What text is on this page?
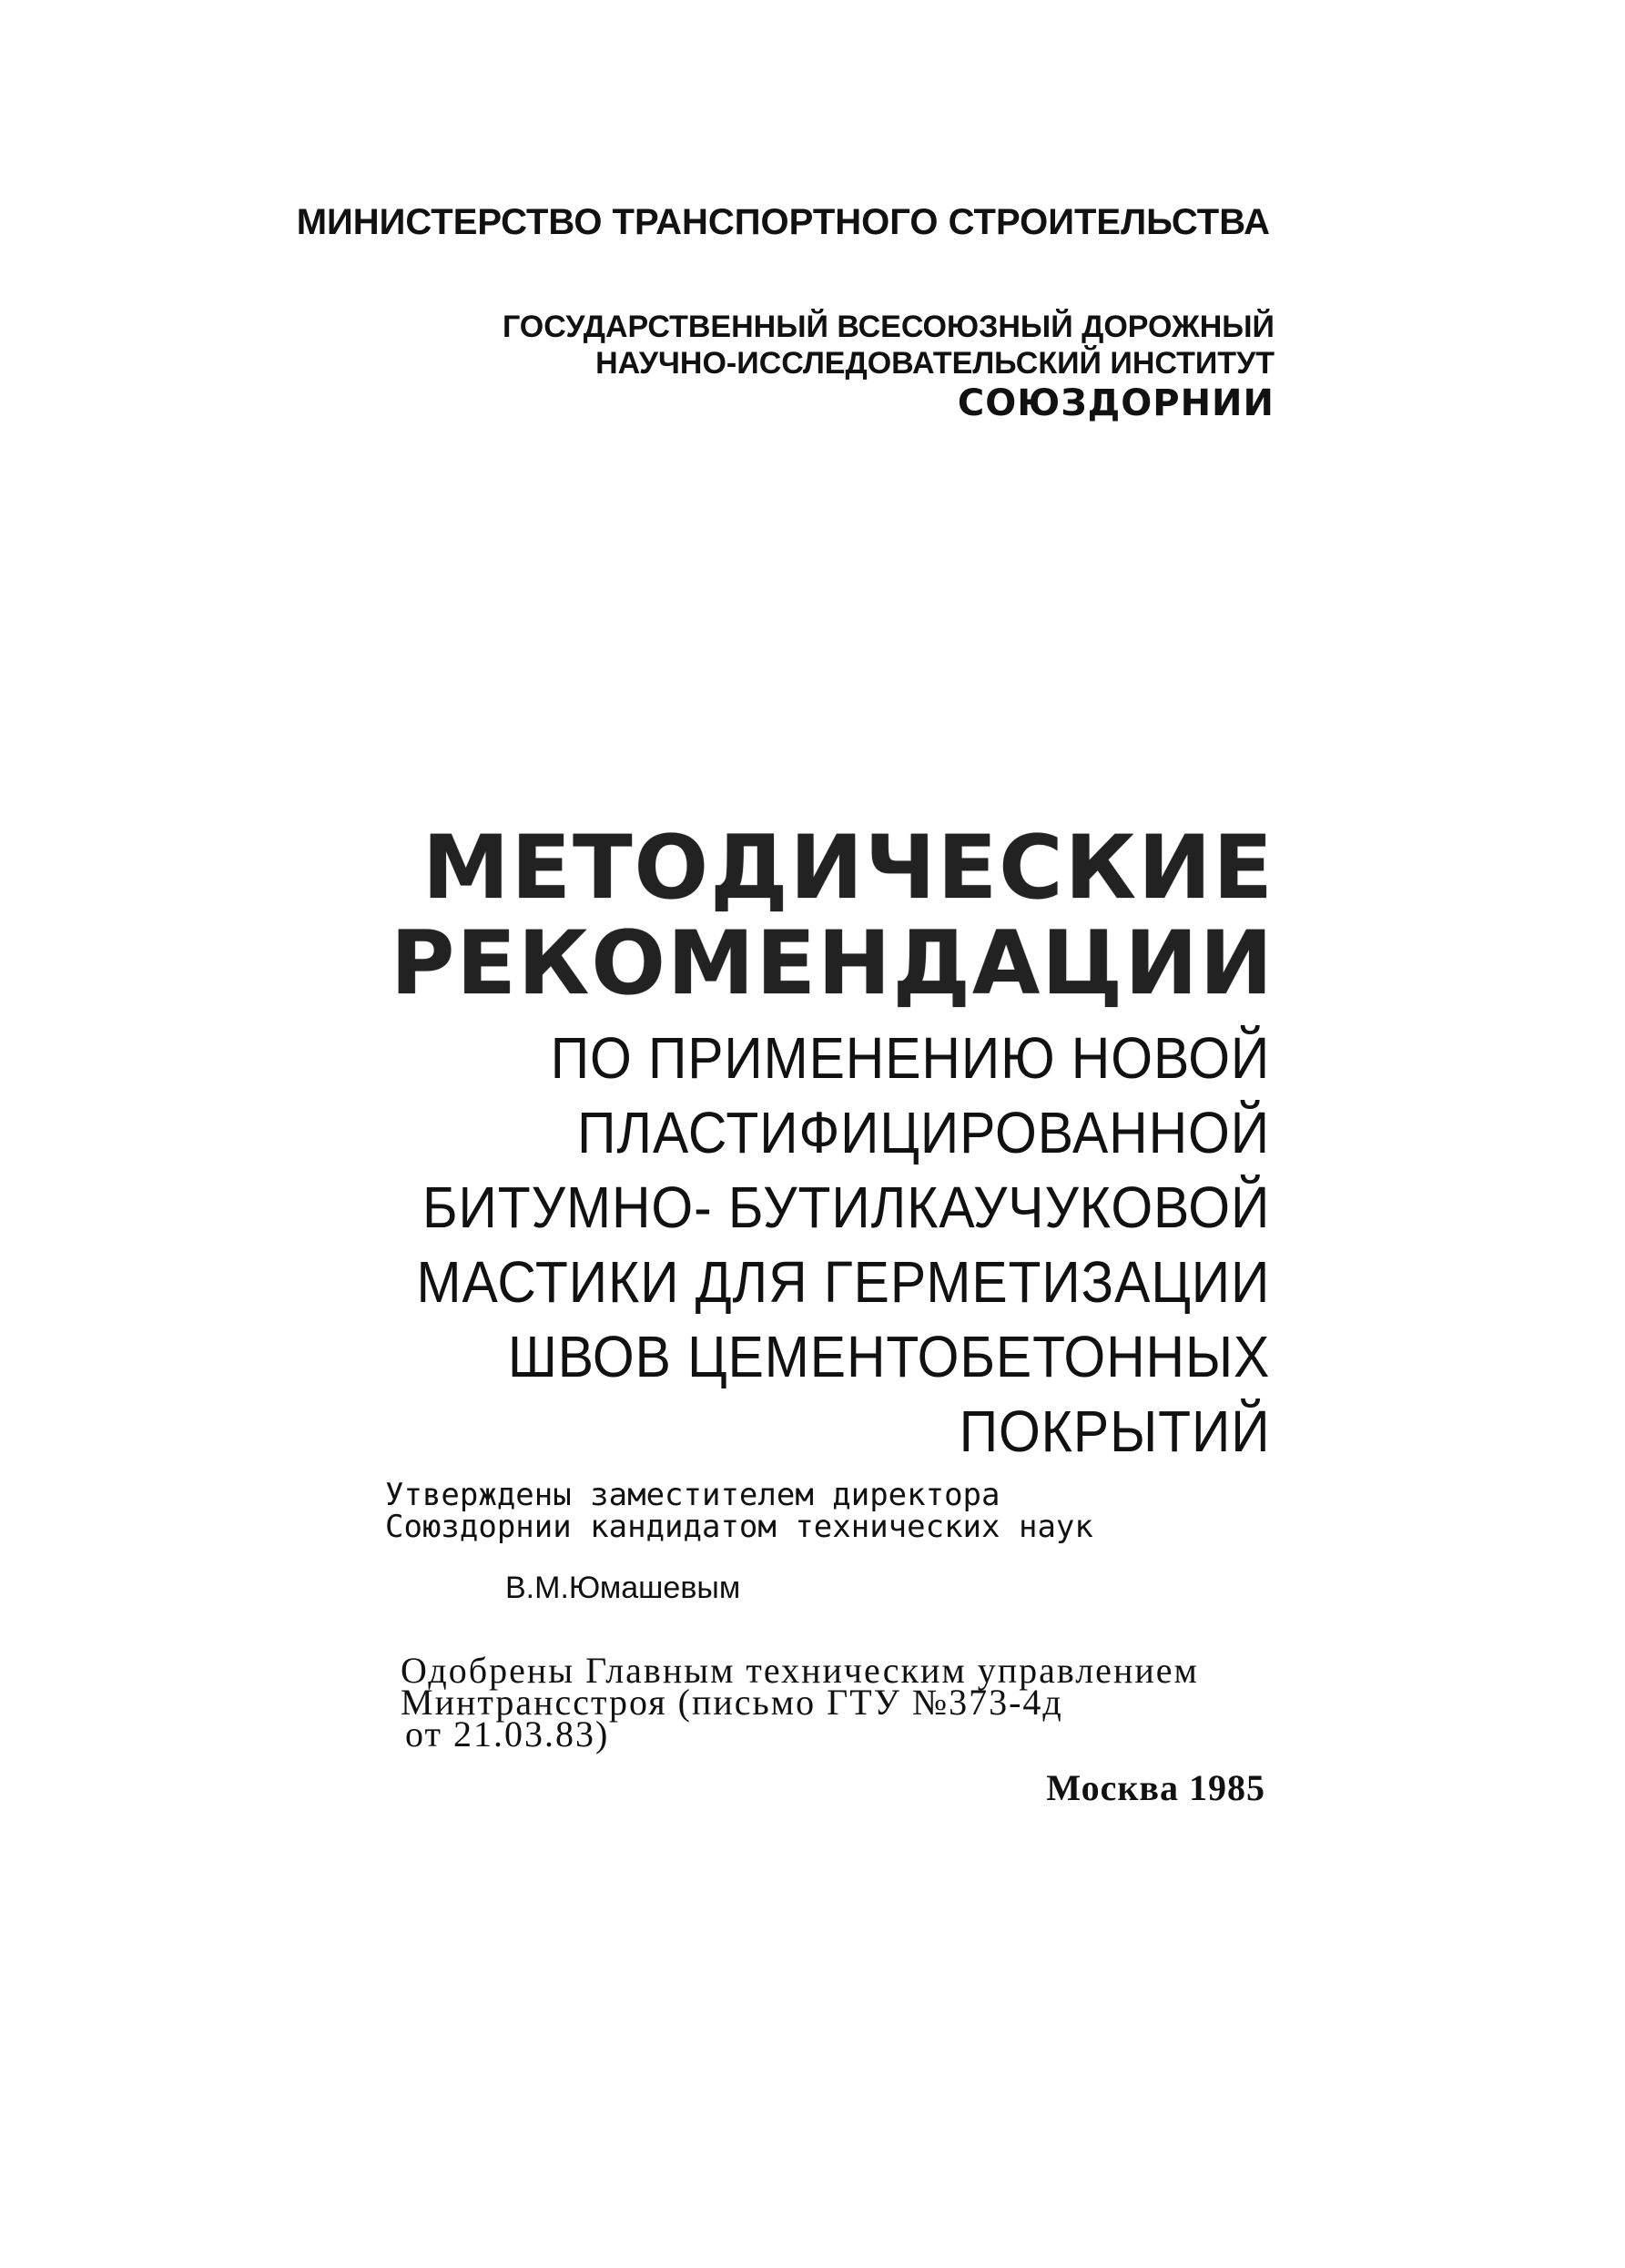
МИНИСТЕРСТВО ТРАНСПОРТНОГО СТРОИТЕЛЬСТВА

ГОСУДАРСТВЕННЫЙ ВСЕСОЮЗНЫЙ ДОРОЖНЫЙ

НАУЧНО-ИССЛЕДОВАТЕЛЬСКИЙ ИНСТИТУТ

СОЮЗДОРНИИ

МЕТОДИЧЕСКИЕ

РЕКОМЕНДАЦИИ

ПО ПРИМЕНЕНИЮ НОВОЙ

ПЛАСТИФИЦИРОВАННОЙ

БИТУМНО- БУТИЛКАУЧУКОВОЙ

МАСТИКИ ДЛЯ ГЕРМЕТИЗАЦИИ

ШВОВ ЦЕМЕНТОБЕТОННЫХ

ПОКРЫТИЙ

Утверждены заместителем директора

Союздорнии кандидатом технических наук

В.М.Юмашевым

Одобрены Главным техническим управлением

Минтрансстроя (письмо ГТУ №373-4д

от 21.03.83)

Москва 1985
